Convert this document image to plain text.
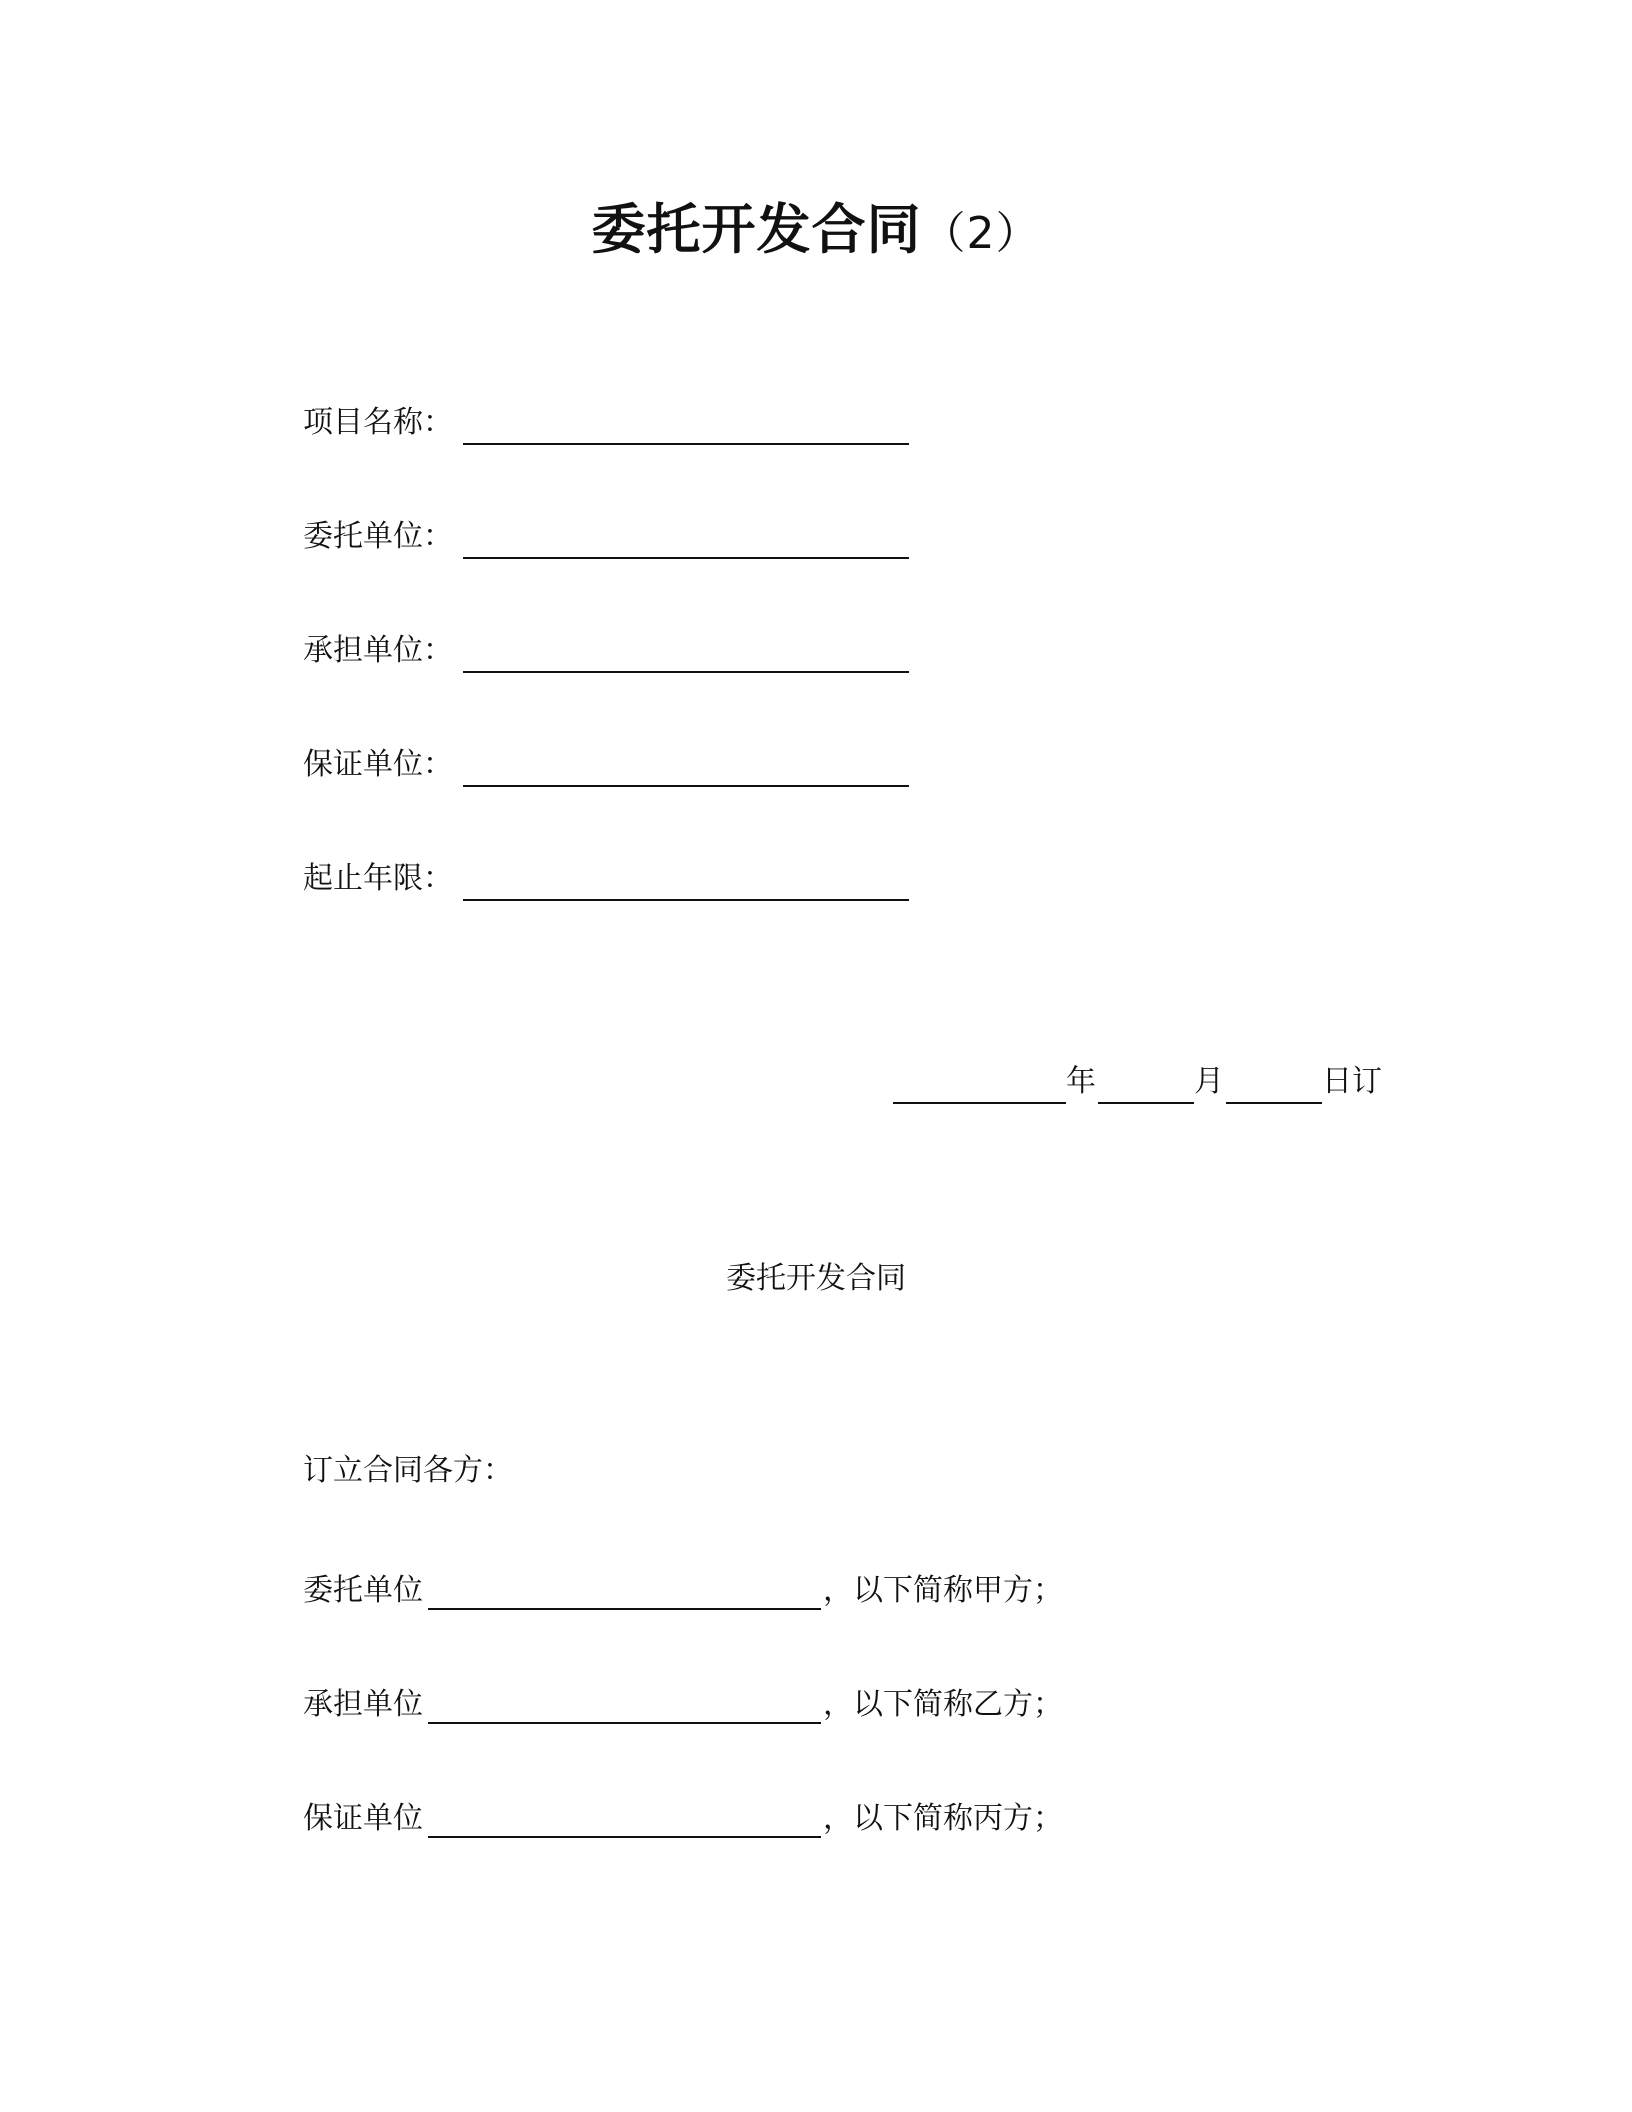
委托开发合同（2）
项目名称：
委托单位：
承担单位：
保证单位：
起止年限：
年	月	日订
委托开发合同
订立合同各方：
委托单位	，以下简称甲方；
承担单位	，以下简称乙方；
保证单位	，以下简称丙方；
